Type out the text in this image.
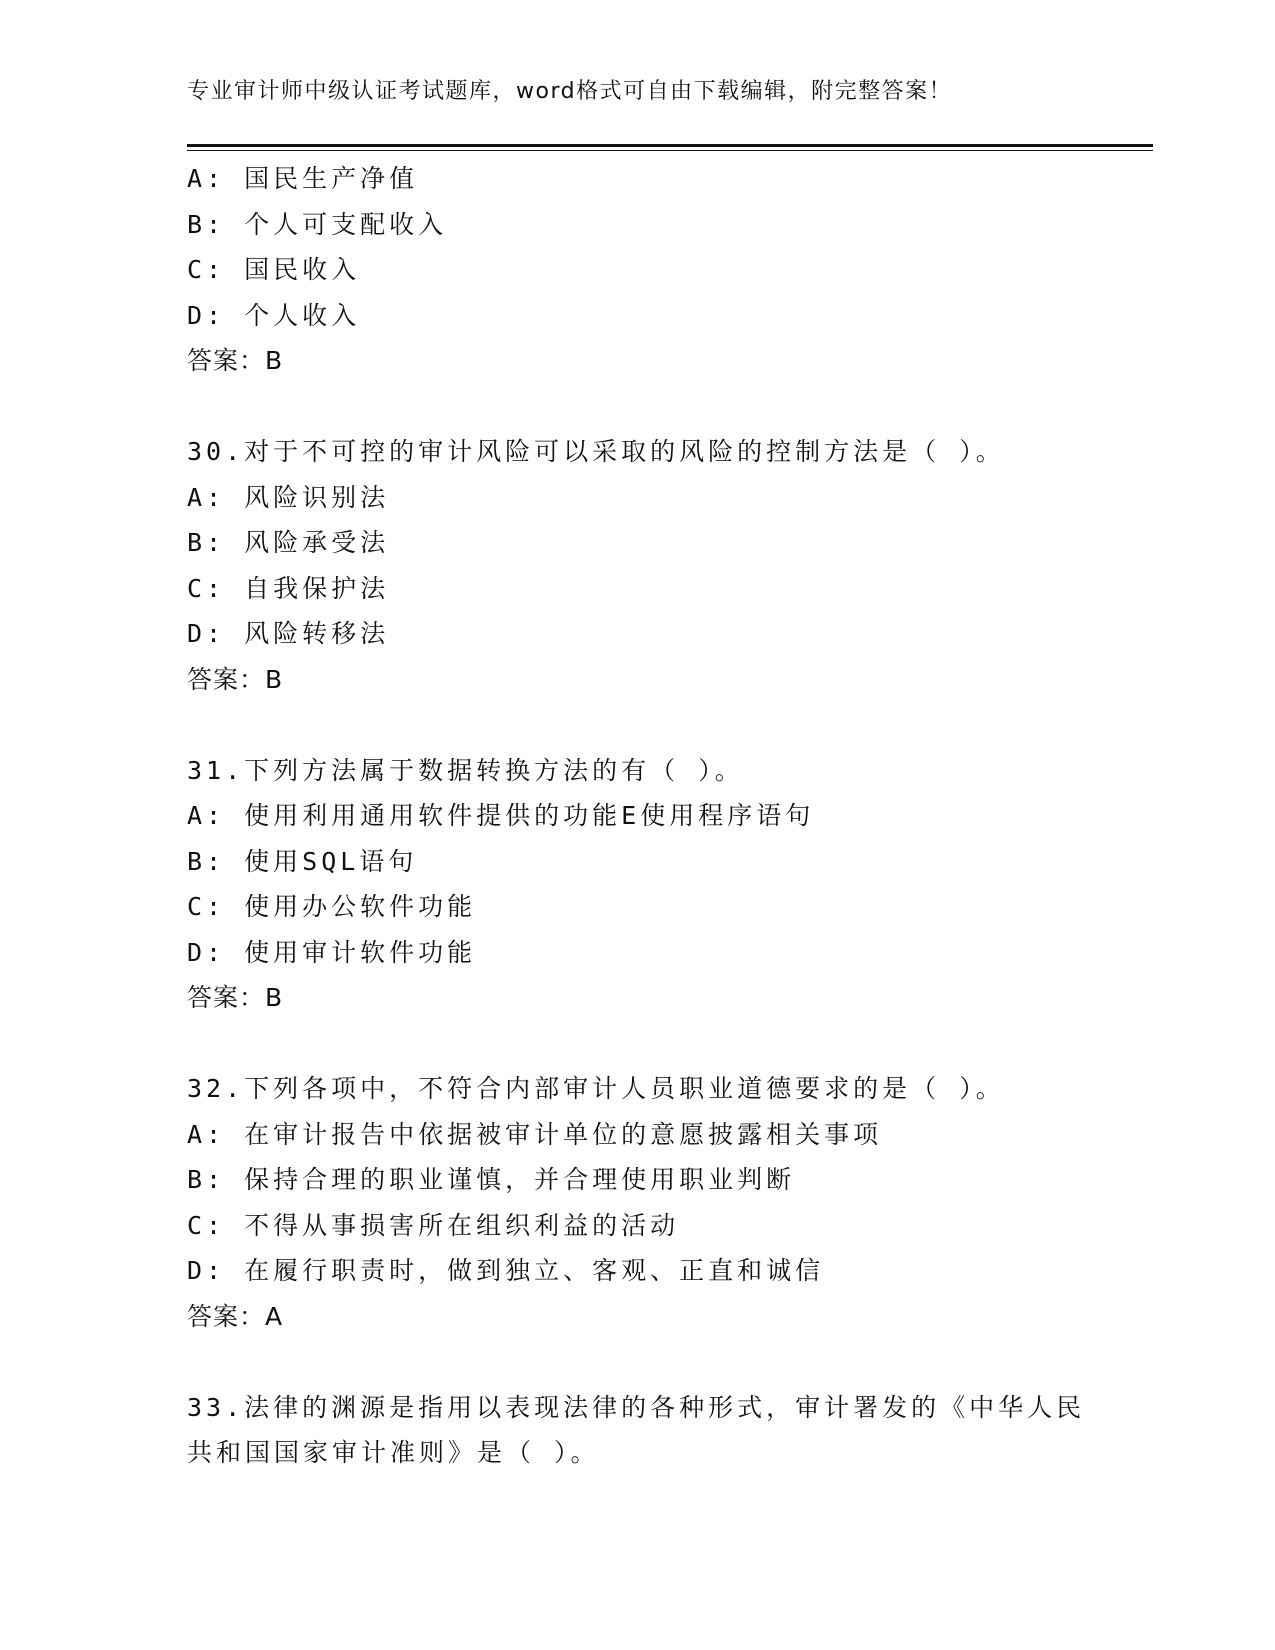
专业审计师中级认证考试题库，word格式可自由下载编辑，附完整答案！
A: 国民生产净值
B: 个人可支配收入
C: 国民收入
D: 个人收入
答案：B
30.对于不可控的审计风险可以采取的风险的控制方法是（ ）。
A: 风险识别法
B: 风险承受法
C: 自我保护法
D: 风险转移法
答案：B
31.下列方法属于数据转换方法的有（ ）。
A: 使用利用通用软件提供的功能E使用程序语句
B: 使用SQL语句
C: 使用办公软件功能
D: 使用审计软件功能
答案：B
32.下列各项中，不符合内部审计人员职业道德要求的是（ ）。
A: 在审计报告中依据被审计单位的意愿披露相关事项
B: 保持合理的职业谨慎，并合理使用职业判断
C: 不得从事损害所在组织利益的活动
D: 在履行职责时，做到独立、客观、正直和诚信
答案：A
33.法律的渊源是指用以表现法律的各种形式，审计署发的《中华人民
共和国国家审计准则》是（ ）。
